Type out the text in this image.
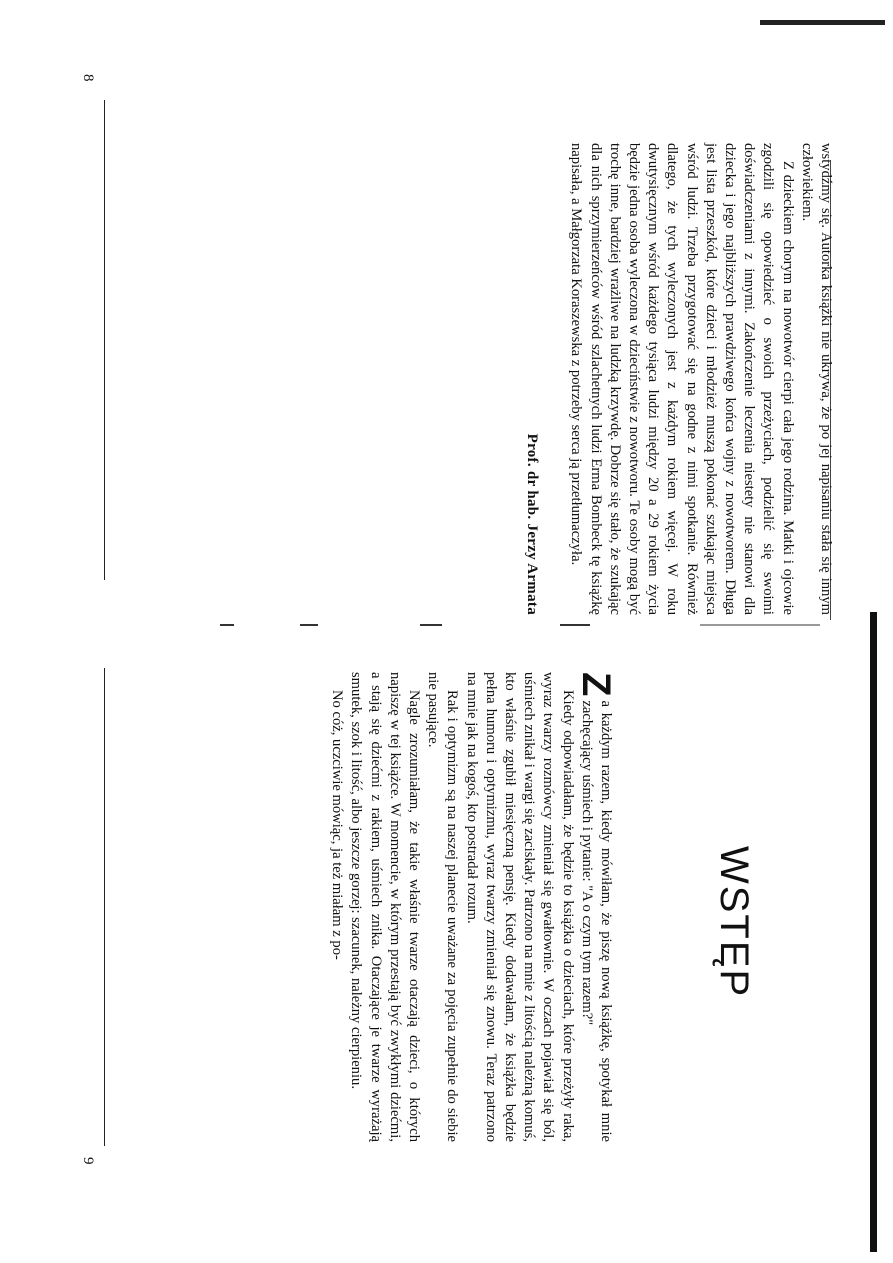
8
9

wstydźmy się. Autorka książki nie ukrywa, że po jej napisaniu stała się innym człowiekiem.

Z dzieckiem chorym na nowotwór cierpi cała jego rodzina. Matki i ojcowie zgodzili się opowiedzieć o swoich przeżyciach, podzielić się swoimi doświadczeniami z innymi. Zakończenie leczenia niestety nie stanowi dla dziecka i jego najbliższych prawdziwego końca wojny z nowotworem. Długa jest lista przeszkód, które dzieci i młodzież muszą pokonać szukając miejsca wśród ludzi. Trzeba przygotować się na godne z nimi spotkanie. Również dlatego, że tych wyleczonych jest z każdym rokiem więcej. W roku dwutysięcznym wśród każdego tysiąca ludzi między 20 a 29 rokiem życia będzie jedna osoba wyleczona w dzieciństwie z nowotworu. Te osoby mogą być trochę inne, bardziej wrażliwe na ludzką krzywdę. Dobrze się stało, że szukając dla nich sprzymierzeńców wśród szlachetnych ludzi Erma Bombeck tę książkę napisała, a Małgorzata Koraszewska z potrzeby serca ją przetłumaczyła.

Prof. dr hab. Jerzy Armata

WSTĘP

Z
a każdym razem, kiedy mówiłam, że piszę nową książkę, spotykał mnie zachęcający uśmiech i pytanie: "A o czym tym razem?"

Kiedy odpowiadałam, że będzie to książka o dzieciach, które przeżyły raka, wyraz twarzy rozmówcy zmieniał się gwałtownie. W oczach pojawiał się ból, uśmiech znikał i wargi się zaciskały. Patrzono na mnie z litością należną komuś, kto właśnie zgubił miesięczną pensję. Kiedy dodawałam, że książka będzie pełna humoru i optymizmu, wyraz twarzy zmieniał się znowu. Teraz patrzono na mnie jak na kogoś, kto postradał rozum.

Rak i optymizm są na naszej planecie uważane za pojęcia zupełnie do siebie nie pasujące.

Nagle zrozumiałam, że takie właśnie twarze otaczają dzieci, o których napiszę w tej książce. W momencie, w którym przestają być zwykłymi dziećmi, a stają się dziećmi z rakiem, uśmiech znika. Otaczające je twarze wyrażają smutek, szok i litość, albo jeszcze gorzej: szacunek, należny cierpieniu.

No cóż, uczciwie mówiąc, ja też miałam z po-
